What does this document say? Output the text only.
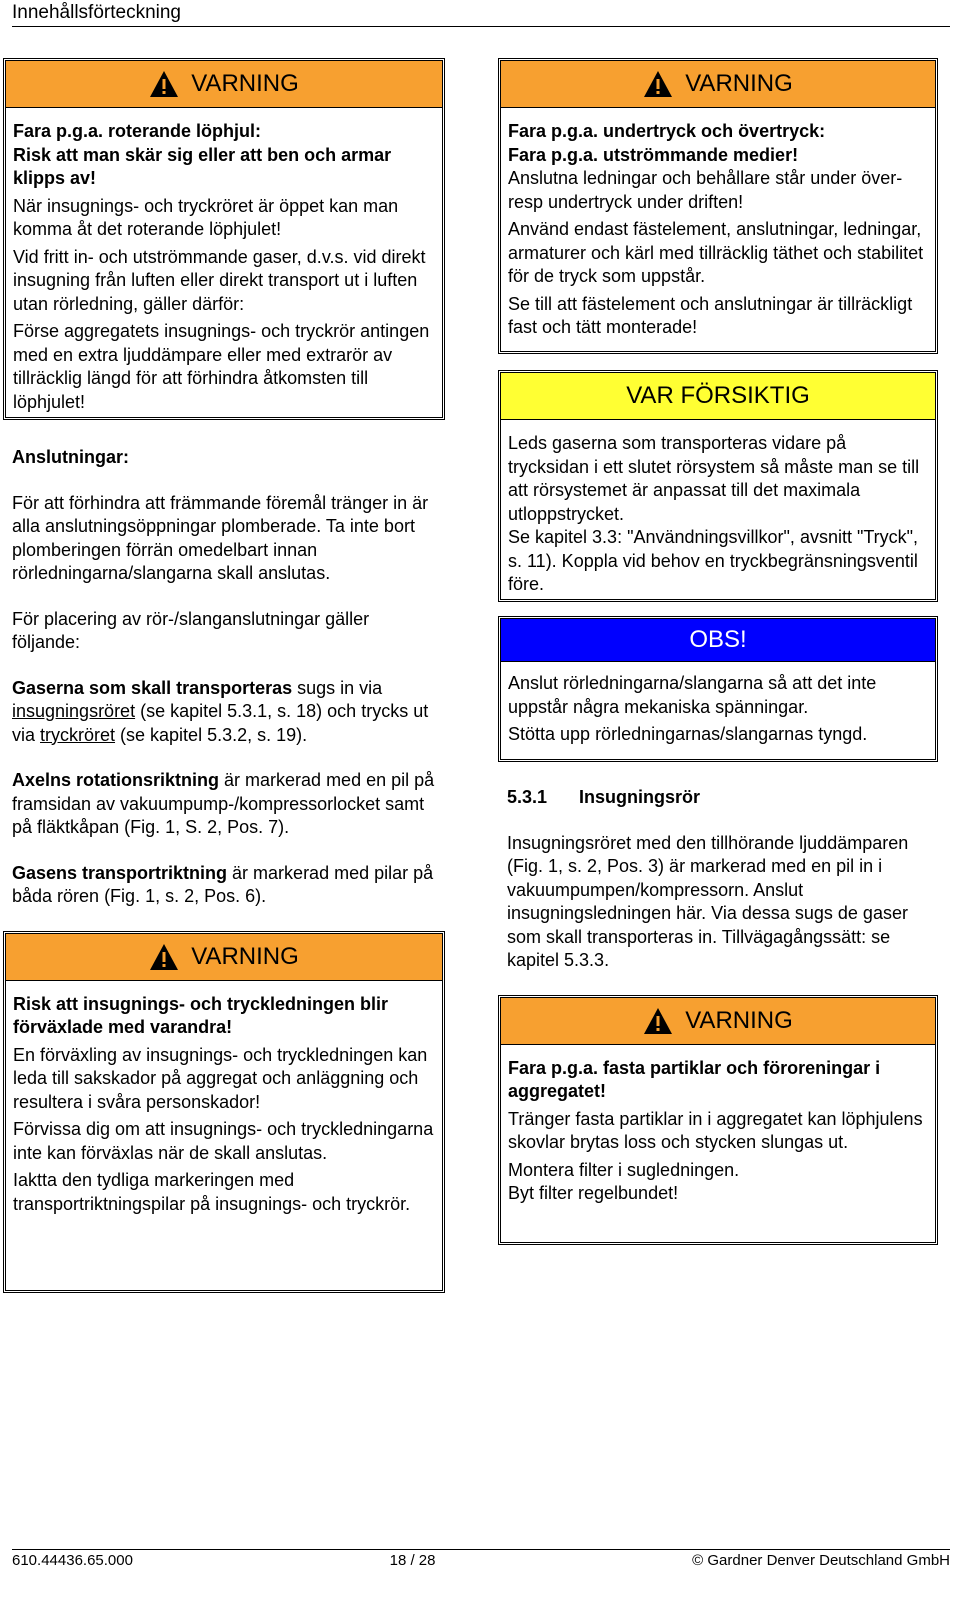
Innehållsförteckning
VARNING

Fara p.g.a. roterande löphjul:

Risk att man skär sig eller att ben och armar klipps av!

När insugnings- och tryckröret är öppet kan man komma åt det roterande löphjulet!

Vid fritt in- och utströmmande gaser, d.v.s. vid direkt insugning från luften eller direkt transport ut i luften utan rörledning, gäller därför:

Förse aggregatets insugnings- och tryckrör antingen med en extra ljuddämpare eller med extrarör av tillräcklig längd för att förhindra åtkomsten till löphjulet!

Anslutningar:

För att förhindra att främmande föremål tränger in är alla anslutningsöppningar plomberade. Ta inte bort plomberingen förrän omedelbart innan rörledningarna/slangarna skall anslutas.

För placering av rör-/slanganslutningar gäller följande:

Gaserna som skall transporteras sugs in via insugningsröret (se kapitel 5.3.1, s. 18) och trycks ut via tryckröret (se kapitel 5.3.2, s. 19).

Axelns rotationsriktning är markerad med en pil på framsidan av vakuumpump-/kompressorlocket samt på fläktkåpan (Fig. 1, S. 2, Pos. 7).

Gasens transportriktning är markerad med pilar på båda rören (Fig. 1, s. 2, Pos. 6).

VARNING

Risk att insugnings- och tryckledningen blir förväxlade med varandra!

En förväxling av insugnings- och tryckledningen kan leda till sakskador på aggregat och anläggning och resultera i svåra personskador!

Förvissa dig om att insugnings- och tryckledningarna inte kan förväxlas när de skall anslutas.

Iaktta den tydliga markeringen med transportriktningspilar på insugnings- och tryckrör.

VARNING

Fara p.g.a. undertryck och övertryck:

Fara p.g.a. utströmmande medier!

Anslutna ledningar och behållare står under över- resp undertryck under driften!

Använd endast fästelement, anslutningar, ledningar, armaturer och kärl med tillräcklig täthet och stabilitet för de tryck som uppstår.

Se till att fästelement och anslutningar är tillräckligt fast och tätt monterade!

VAR FÖRSIKTIG

Leds gaserna som transporteras vidare på trycksidan i ett slutet rörsystem så måste man se till att rörsystemet är anpassat till det maximala utloppstrycket.

Se kapitel 3.3: "Användningsvillkor", avsnitt "Tryck", s. 11). Koppla vid behov en tryckbegränsningsventil före.

OBS!

Anslut rörledningarna/slangarna så att det inte uppstår några mekaniska spänningar.

Stötta upp rörledningarnas/slangarnas tyngd.

5.3.1 Insugningsrör

Insugningsröret med den tillhörande ljuddämparen (Fig. 1, s. 2, Pos. 3) är markerad med en pil in i vakuumpumpen/kompressorn. Anslut insugningsledningen här. Via dessa sugs de gaser som skall transporteras in. Tillvägagångssätt: se kapitel 5.3.3.

VARNING

Fara p.g.a. fasta partiklar och föroreningar i aggregatet!

Tränger fasta partiklar in i aggregatet kan löphjulens skovlar brytas loss och stycken slungas ut.

Montera filter i sugledningen.

Byt filter regelbundet!

610.44436.65.000	18 / 28	© Gardner Denver Deutschland GmbH
